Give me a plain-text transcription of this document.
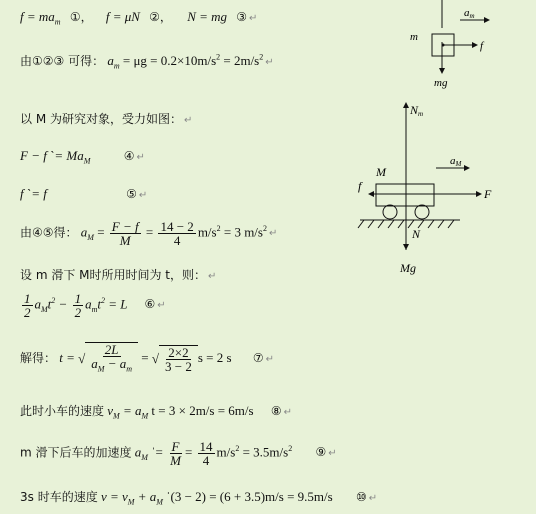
$f = ma_m$ ①， f = μN ②， N = mg ③ ↵
由①②③ 可得： $a_m = \mu g = 0.2\times 10m/s^2 = 2m/s^2$ ↵
以 M 为研究对象，受力如图： ↵
F − f ˋ= $Ma_M$	④ ↵
f ˋ= f	⑤ ↵
由④⑤得： $a_M = \frac{F - f}{M} = \frac{14 - 2}{4} m/s^2 = 3$ $m/s^2$ ↵
设 m 滑下 M时所用时间为 t，则： ↵
$\frac{1}{2} a_Mt^2 - \frac{1}{2} a_mt^2 = L$ ⑥ ↵
解得： t = √ $\frac{2L}{a_M - a_m}$ = √ $\frac{2\times 2}{3 - 2}$ s = 2 s ⑦ ↵
此时小车的速度 $v_M = a_M$ t = 3 × 2m/s = 6m/s ⑧ ↵
m 滑下后车的加速度 $a_M$ ˈ= $\frac{F}{M} = \frac{14}{4} m/s^2 = 3.5m/s^2$ ⑨ ↵
3s 时车的速度 $v = v_M + a_M$ ˈ(3 − 2) = (6 + 3.5)m/s = 9.5m/s ⑩ ↵
am
m
f
mg
Nm
M
aM
f
F
N
Mg
